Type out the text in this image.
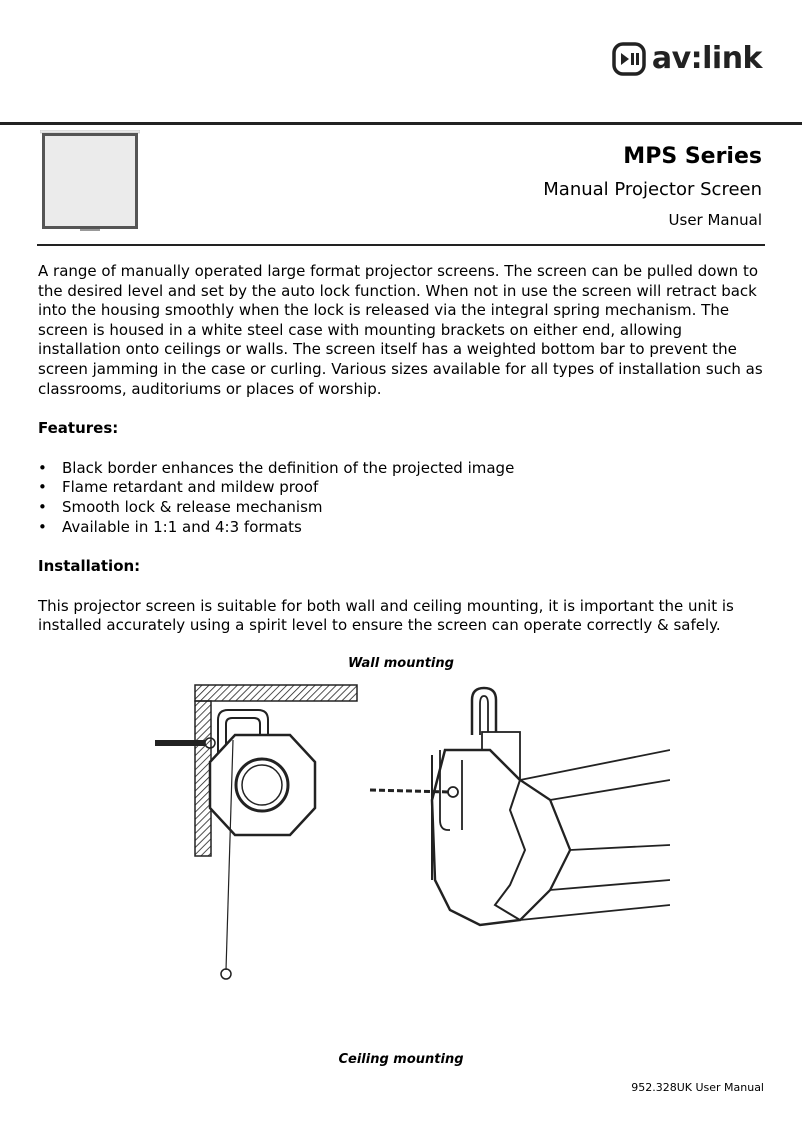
av:link
MPS Series
Manual Projector Screen
User Manual

A range of manually operated large format projector screens. The screen can be pulled down to the desired level and set by the auto lock function. When not in use the screen will retract back into the housing smoothly when the lock is released via the integral spring mechanism. The screen is housed in a white steel case with mounting brackets on either end, allowing installation onto ceilings or walls. The screen itself has a weighted bottom bar to prevent the screen jamming in the case or curling. Various sizes available for all types of installation such as classrooms, auditoriums or places of worship.

Features:

• Black border enhances the definition of the projected image
• Flame retardant and mildew proof
• Smooth lock & release mechanism
• Available in 1:1 and 4:3 formats

Installation:

This projector screen is suitable for both wall and ceiling mounting, it is important the unit is installed accurately using a spirit level to ensure the screen can operate correctly & safely.

Wall mounting
Ceiling mounting
952.328UK User Manual
